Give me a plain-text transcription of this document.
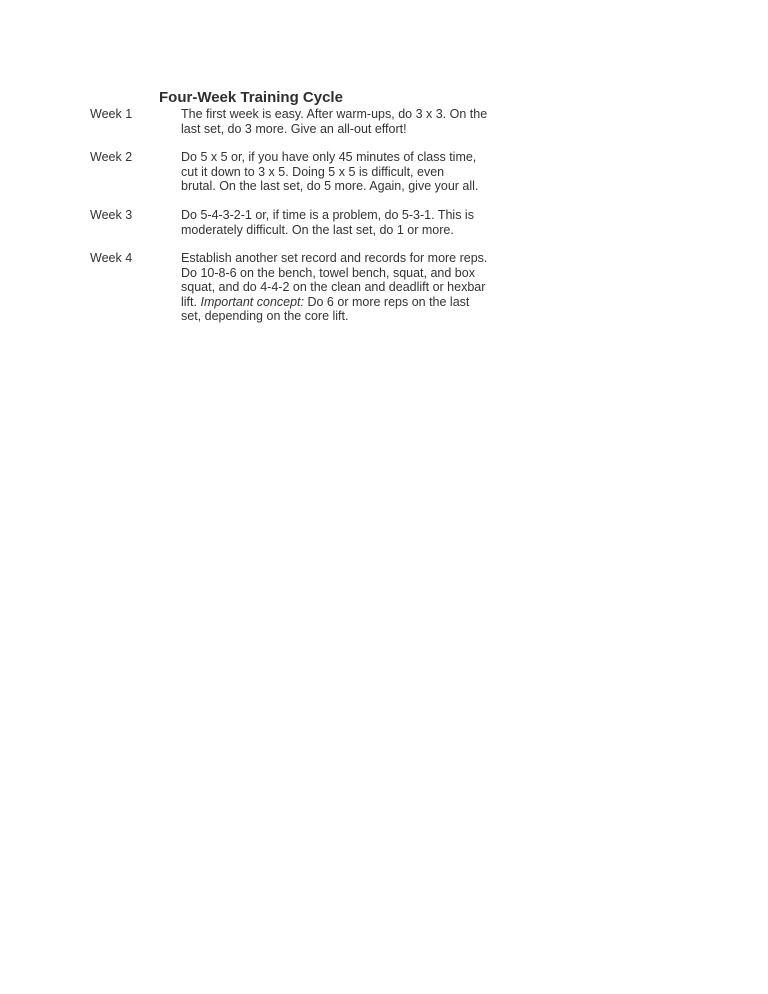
Four-Week Training Cycle
Week 1	The first week is easy. After warm-ups, do 3 x 3. On the
last set, do 3 more. Give an all-out effort!
Week 2	Do 5 x 5 or, if you have only 45 minutes of class time,
cut it down to 3 x 5. Doing 5 x 5 is difficult, even
brutal. On the last set, do 5 more. Again, give your all.
Week 3	Do 5-4-3-2-1 or, if time is a problem, do 5-3-1. This is
moderately difficult. On the last set, do 1 or more.
Week 4	Establish another set record and records for more reps.
Do 10-8-6 on the bench, towel bench, squat, and box
squat, and do 4-4-2 on the clean and deadlift or hexbar
lift. Important concept: Do 6 or more reps on the last
set, depending on the core lift.
